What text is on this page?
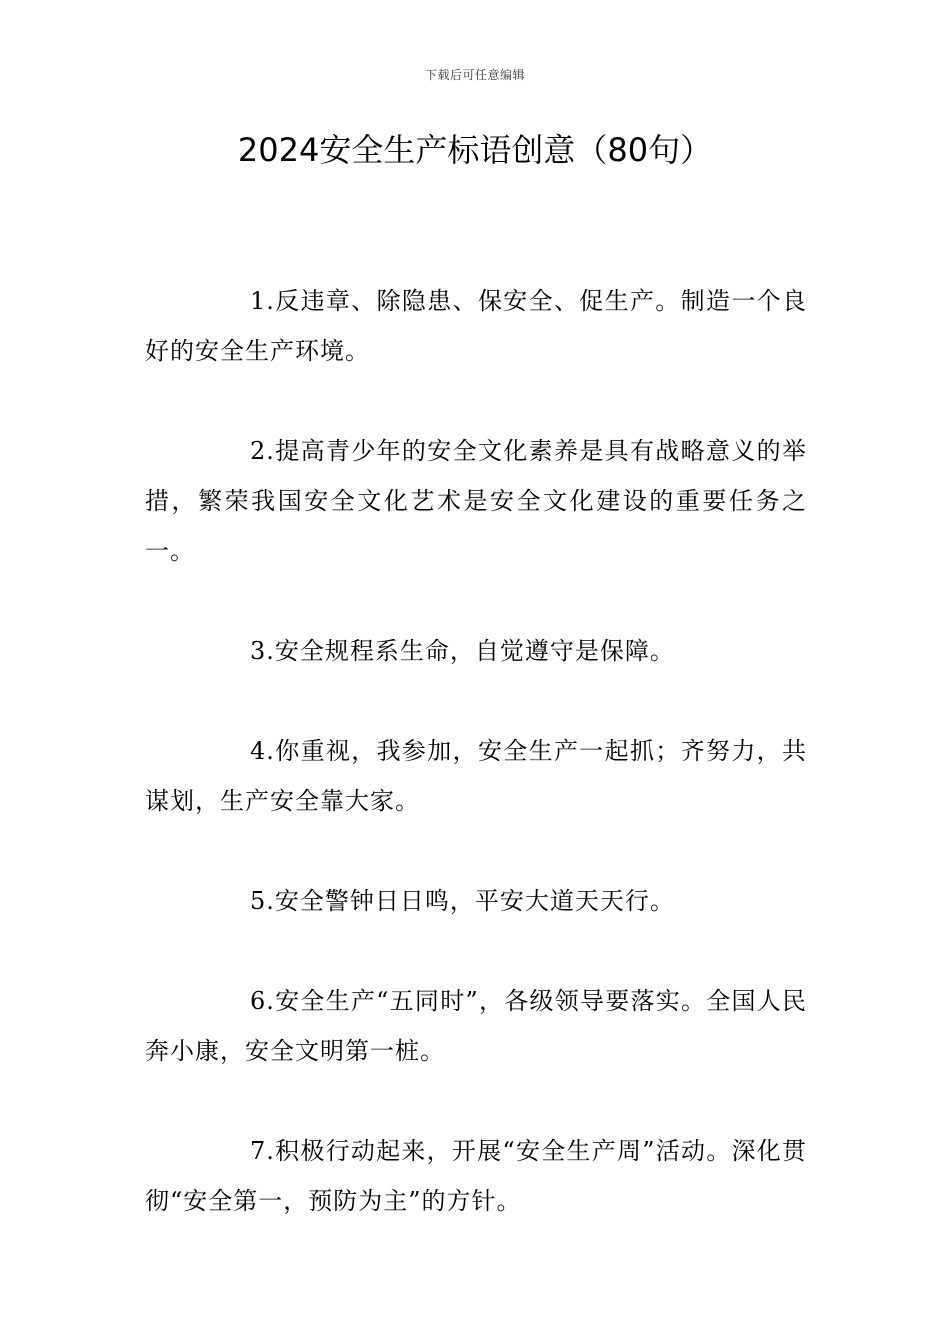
下载后可任意编辑
2024安全生产标语创意（80句）

1.反违章、除隐患、保安全、促生产。制造一个良好的安全生产环境。

2.提高青少年的安全文化素养是具有战略意义的举措，繁荣我国安全文化艺术是安全文化建设的重要任务之一。

3.安全规程系生命，自觉遵守是保障。

4.你重视，我参加，安全生产一起抓；齐努力，共谋划，生产安全靠大家。

5.安全警钟日日鸣，平安大道天天行。

6.安全生产“五同时”，各级领导要落实。全国人民奔小康，安全文明第一桩。

7.积极行动起来，开展“安全生产周”活动。深化贯彻“安全第一，预防为主”的方针。
